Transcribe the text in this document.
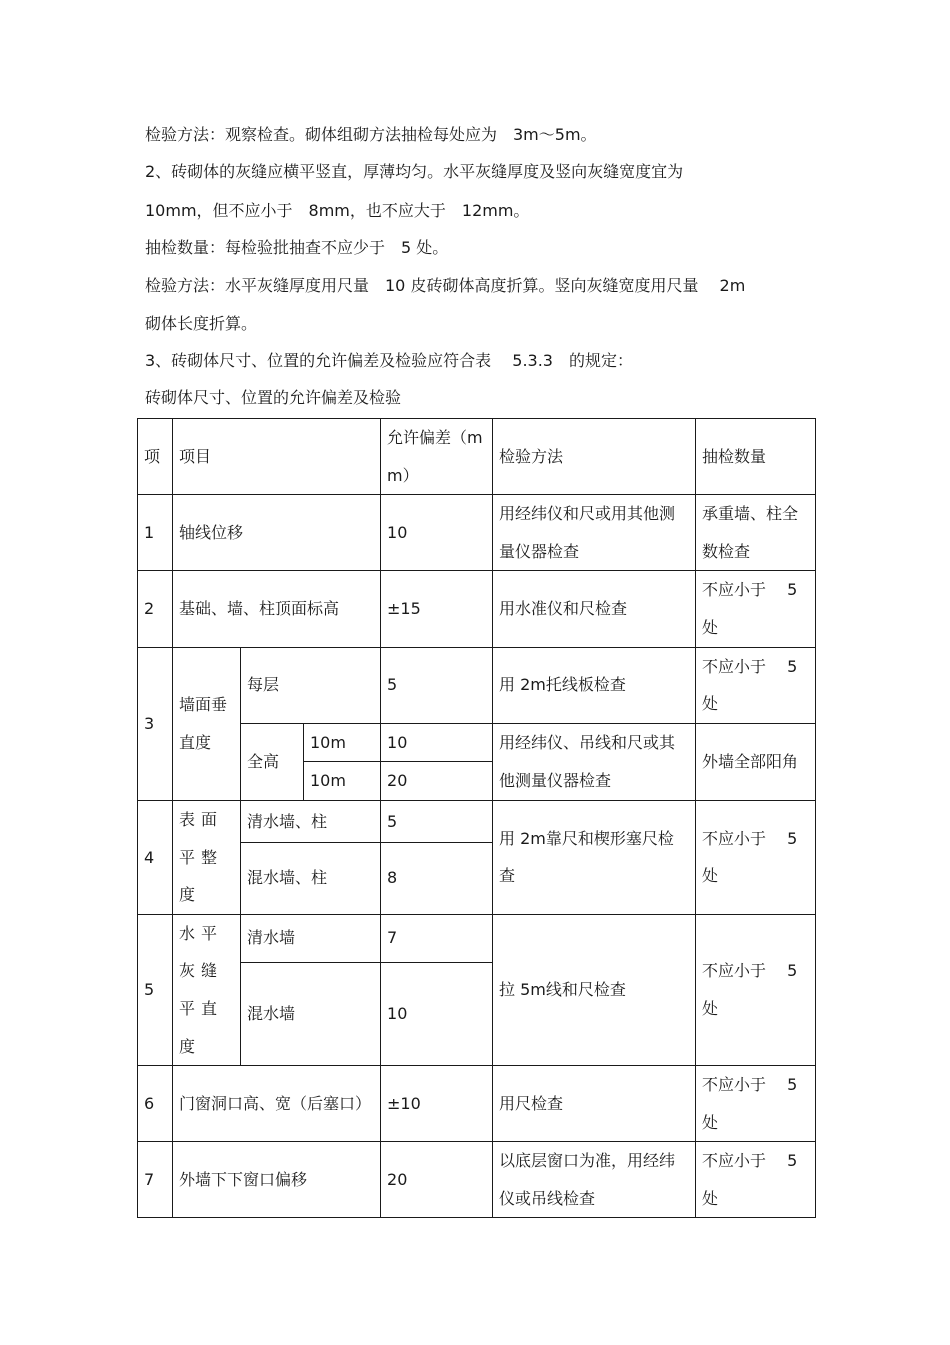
检验方法：观察检查。砌体组砌方法抽检每处应为　3m～5m。
2、砖砌体的灰缝应横平竖直，厚薄均匀。水平灰缝厚度及竖向灰缝宽度宜为
10mm，但不应小于　8mm，也不应大于　12mm。
抽检数量：每检验批抽查不应少于　5 处。
检验方法：水平灰缝厚度用尺量　10 皮砖砌体高度折算。竖向灰缝宽度用尺量　 2m
砌体长度折算。
3、砖砌体尺寸、位置的允许偏差及检验应符合表　 5.3.3　的规定：
砖砌体尺寸、位置的允许偏差及检验
项	项目			允许偏差（mm）	检验方法	抽检数量
1	轴线位移			10	用经纬仪和尺或用其他测量仪器检查	承重墙、柱全数检查
2	基础、墙、柱顶面标高			±15	用水准仪和尺检查	不应小于　 5处
3	墙面垂直度	每层		5	用 2m托线板检查	不应小于　 5处
		全高	10m	10	用经纬仪、吊线和尺或其他测量仪器检查	外墙全部阳角
			10m	20		
4	表面平整度	清水墙、柱		5	用 2m靠尺和楔形塞尺检查	不应小于　 5处
		混水墙、柱		8		
5	水平灰缝平直度	清水墙		7	拉 5m线和尺检查	不应小于　 5处
		混水墙		10		
6	门窗洞口高、宽（后塞口）			±10	用尺检查	不应小于　 5处
7	外墙下下窗口偏移			20	以底层窗口为准，用经纬仪或吊线检查	不应小于　 5处
